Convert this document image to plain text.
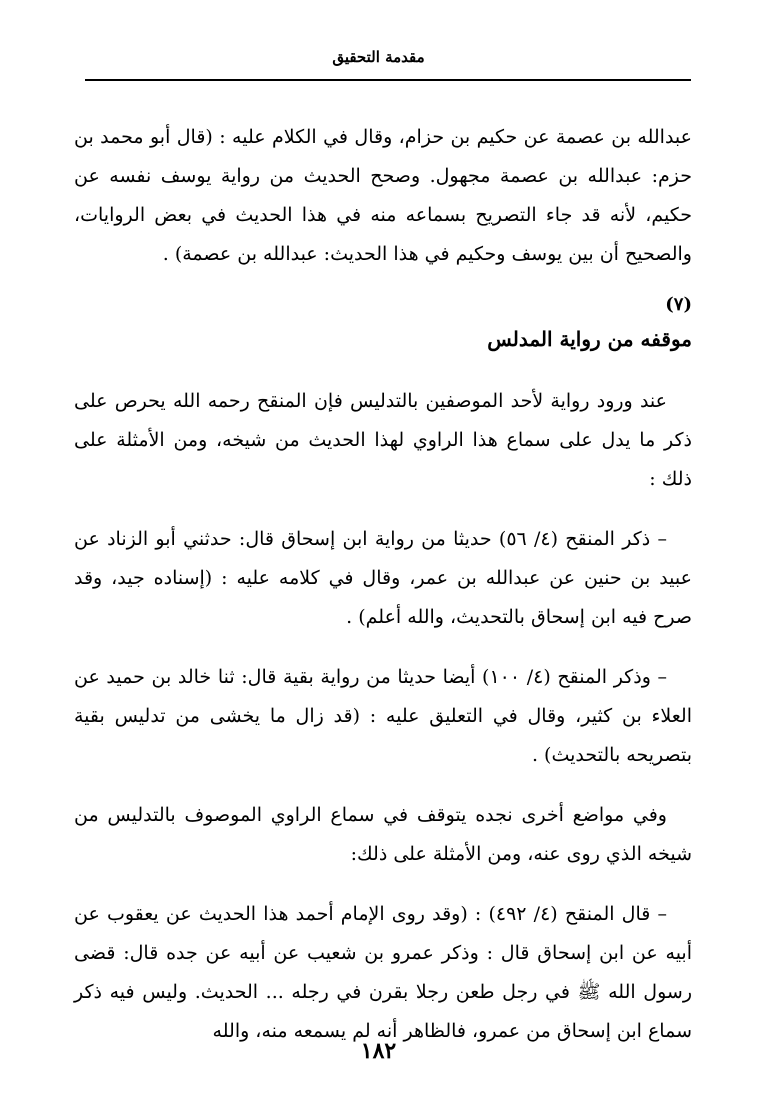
مقدمة التحقيق

عبدالله بن عصمة عن حكيم بن حزام، وقال في الكلام عليه : (قال أبو محمد بن حزم: عبدالله بن عصمة مجهول. وصحح الحديث من رواية يوسف نفسه عن حكيم، لأنه قد جاء التصريح بسماعه منه في هذا الحديث في بعض الروايات، والصحيح أن بين يوسف وحكيم في هذا الحديث: عبدالله بن عصمة) .

(٧)
موقفه من رواية المدلس

عند ورود رواية لأحد الموصفين بالتدليس فإن المنقح رحمه الله يحرص على ذكر ما يدل على سماع هذا الراوي لهذا الحديث من شيخه، ومن الأمثلة على ذلك :

– ذكر المنقح (٤/ ٥٦) حديثا من رواية ابن إسحاق قال: حدثني أبو الزناد عن عبيد بن حنين عن عبدالله بن عمر، وقال في كلامه عليه : (إسناده جيد، وقد صرح فيه ابن إسحاق بالتحديث، والله أعلم) .

– وذكر المنقح (٤/ ١٠٠) أيضا حديثا من رواية بقية قال: ثنا خالد بن حميد عن العلاء بن كثير، وقال في التعليق عليه : (قد زال ما يخشى من تدليس بقية بتصريحه بالتحديث) .

وفي مواضع أخرى نجده يتوقف في سماع الراوي الموصوف بالتدليس من شيخه الذي روى عنه، ومن الأمثلة على ذلك:

– قال المنقح (٤/ ٤٩٢) : (وقد روى الإمام أحمد هذا الحديث عن يعقوب عن أبيه عن ابن إسحاق قال : وذكر عمرو بن شعيب عن أبيه عن جده قال: قضى رسول الله ﷺ في رجل طعن رجلا بقرن في رجله ... الحديث. وليس فيه ذكر سماع ابن إسحاق من عمرو، فالظاهر أنه لم يسمعه منه، والله

١٨٢
